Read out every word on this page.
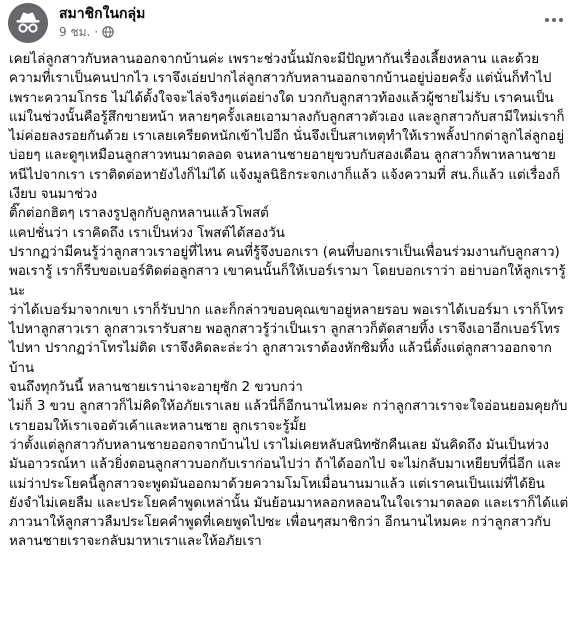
สมาชิกในกลุ่ม
9 ชม. ·

เคยไล่ลูกสาวกับหลานออกจากบ้านค่ะ เพราะช่วงนั้นมักจะมีปัญหากันเรื่องเลี้ยงหลาน และด้วยความที่เราเป็นคนปากไว เราจึงเอ่ยปากไล่ลูกสาวกับหลานออกจากบ้านอยู่บ่อยครั้ง แต่นั่นก็ทำไปเพราะความโกรธ ไม่ได้ตั้งใจจะไล่จริงๆแต่อย่างใด บวกกับลูกสาวท้องแล้วผู้ชายไม่รับ เราคนเป็นแม่ในช่วงนั้นคือรู้สึกขายหน้า หลายๆครั้งเลยเอามาลงกับลูกสาวตัวเอง และลูกสาวกับสามีใหม่เราก็ไม่ค่อยลงรอยกันด้วย เราเลยเครียดหนักเข้าไปอีก นั่นจึงเป็นสาเหตุทำให้เราพลั้งปากด่าลูกไล่ลูกอยู่บ่อยๆ และดูๆเหมือนลูกสาวทนมาตลอด จนหลานชายอายุขวบกับสองเดือน ลูกสาวก็พาหลานชายหนีไปจากเรา เราติดต่อหายังไงก็ไม่ได้ แจ้งมูลนิธิกระจกเงาก็แล้ว แจ้งความที่ สน.ก็แล้ว แต่เรื่องก็เงียบ จนมาช่วง

ติ๊กต่อกฮิตๆ เราลงรูปลูกกับลูกหลานแล้วโพสต์

แคปชั่นว่า เราคิดถึง เราเป็นห่วง โพสต์ได้สองวัน

ปรากฏว่ามีคนรู้ว่าลูกสาวเราอยู่ที่ไหน คนที่รู้จึงบอกเรา (คนที่บอกเราเป็นเพื่อนร่วมงานกับลูกสาว)

พอเรารู้ เราก็รีบขอเบอร์ติดต่อลูกสาว เขาคนนั้นก็ให้เบอร์เรามา โดยบอกเราว่า อย่าบอกให้ลูกเรารู้นะ

ว่าได้เบอร์มาจากเขา เราก็รับปาก และก็กล่าวขอบคุณเขาอยู่หลายรอบ พอเราได้เบอร์มา เราก็โทรไปหาลูกสาวเรา ลูกสาวเรารับสาย พอลูกสาวรู้ว่าเป็นเรา ลูกสาวก็ตัดสายทิ้ง เราจึงเอาอีกเบอร์โทรไปหา ปรากฏว่าโทรไม่ติด เราจึงคิดละล่ะว่า ลูกสาวเราต้องหักซิมทิ้ง แล้วนี่ตั้งแต่ลูกสาวออกจากบ้าน

จนถึงทุกวันนี้ หลานชายเราน่าจะอายุซัก 2 ขวบกว่า

ไม่ก็ 3 ขวบ ลูกสาวก็ไม่คิดให้อภัยเราเลย แล้วนี่ก็อีกนานไหมคะ กว่าลูกสาวเราจะใจอ่อนยอมคุยกับเรายอมให้เราเจอตัวเค้าและหลานชาย ลูกเราจะรู้มั้ย

ว่าตั้งแต่ลูกสาวกับหลานชายออกจากบ้านไป เราไม่เคยหลับสนิทซักคืนเลย มันคิดถึง มันเป็นห่วง

มันอาวรณ์หา แล้วยิ่งตอนลูกสาวบอกกับเราก่อนไปว่า ถ้าได้ออกไป จะไม่กลับมาเหยียบที่นี่อีก และแม่ว่าประโยคนี้ลูกสาวจะพูดมันออกมาด้วยความโมโหเมื่อนานมาแล้ว แต่เราคนเป็นแม่ที่ได้ยิน

ยังจำไม่เคยลืม และประโยคคำพูดเหล่านั้น มันย้อนมาหลอกหลอนในใจเรามาตลอด และเราก็ได้แต่ภาวนาให้ลูกสาวลืมประโยคคำพูดที่เคยพูดไปซะ เพื่อนๆสมาชิกว่า อีกนานไหมคะ กว่าลูกสาวกับหลานชายเราจะกลับมาหาเราและให้อภัยเรา
